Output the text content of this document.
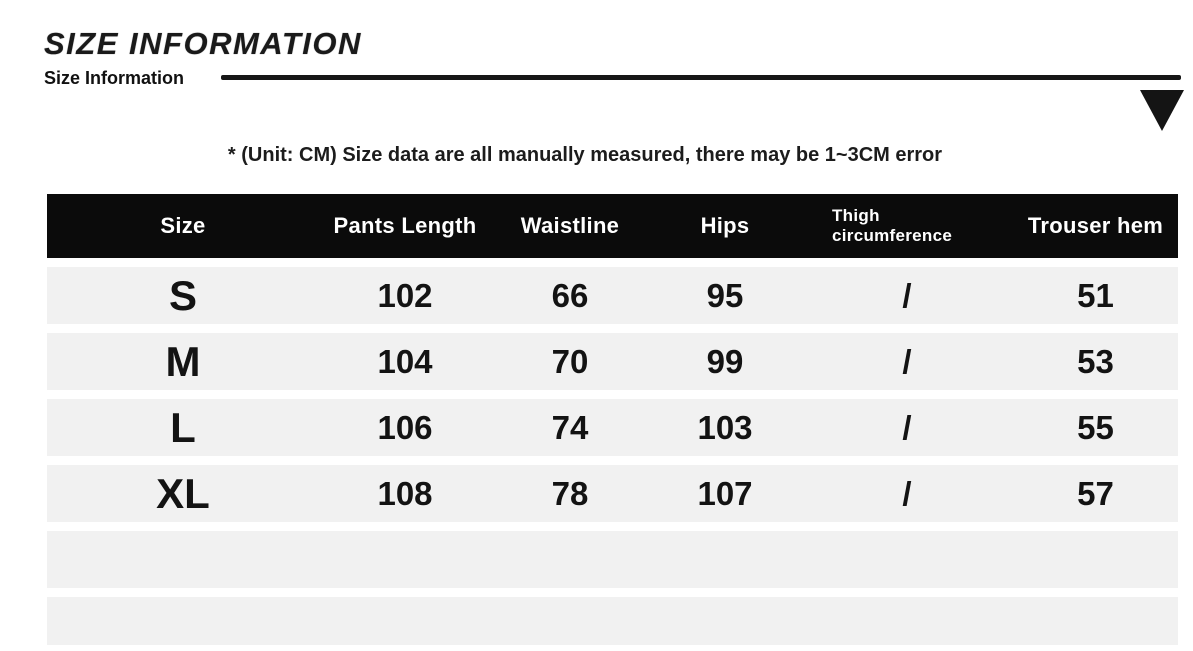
SIZE INFORMATION
Size Information
* (Unit: CM) Size data are all manually measured, there may be 1~3CM error
Size	Pants Length	Waistline	Hips	Thigh circumference	Trouser hem
S	102	66	95	/	51
M	104	70	99	/	53
L	106	74	103	/	55
XL	108	78	107	/	57
